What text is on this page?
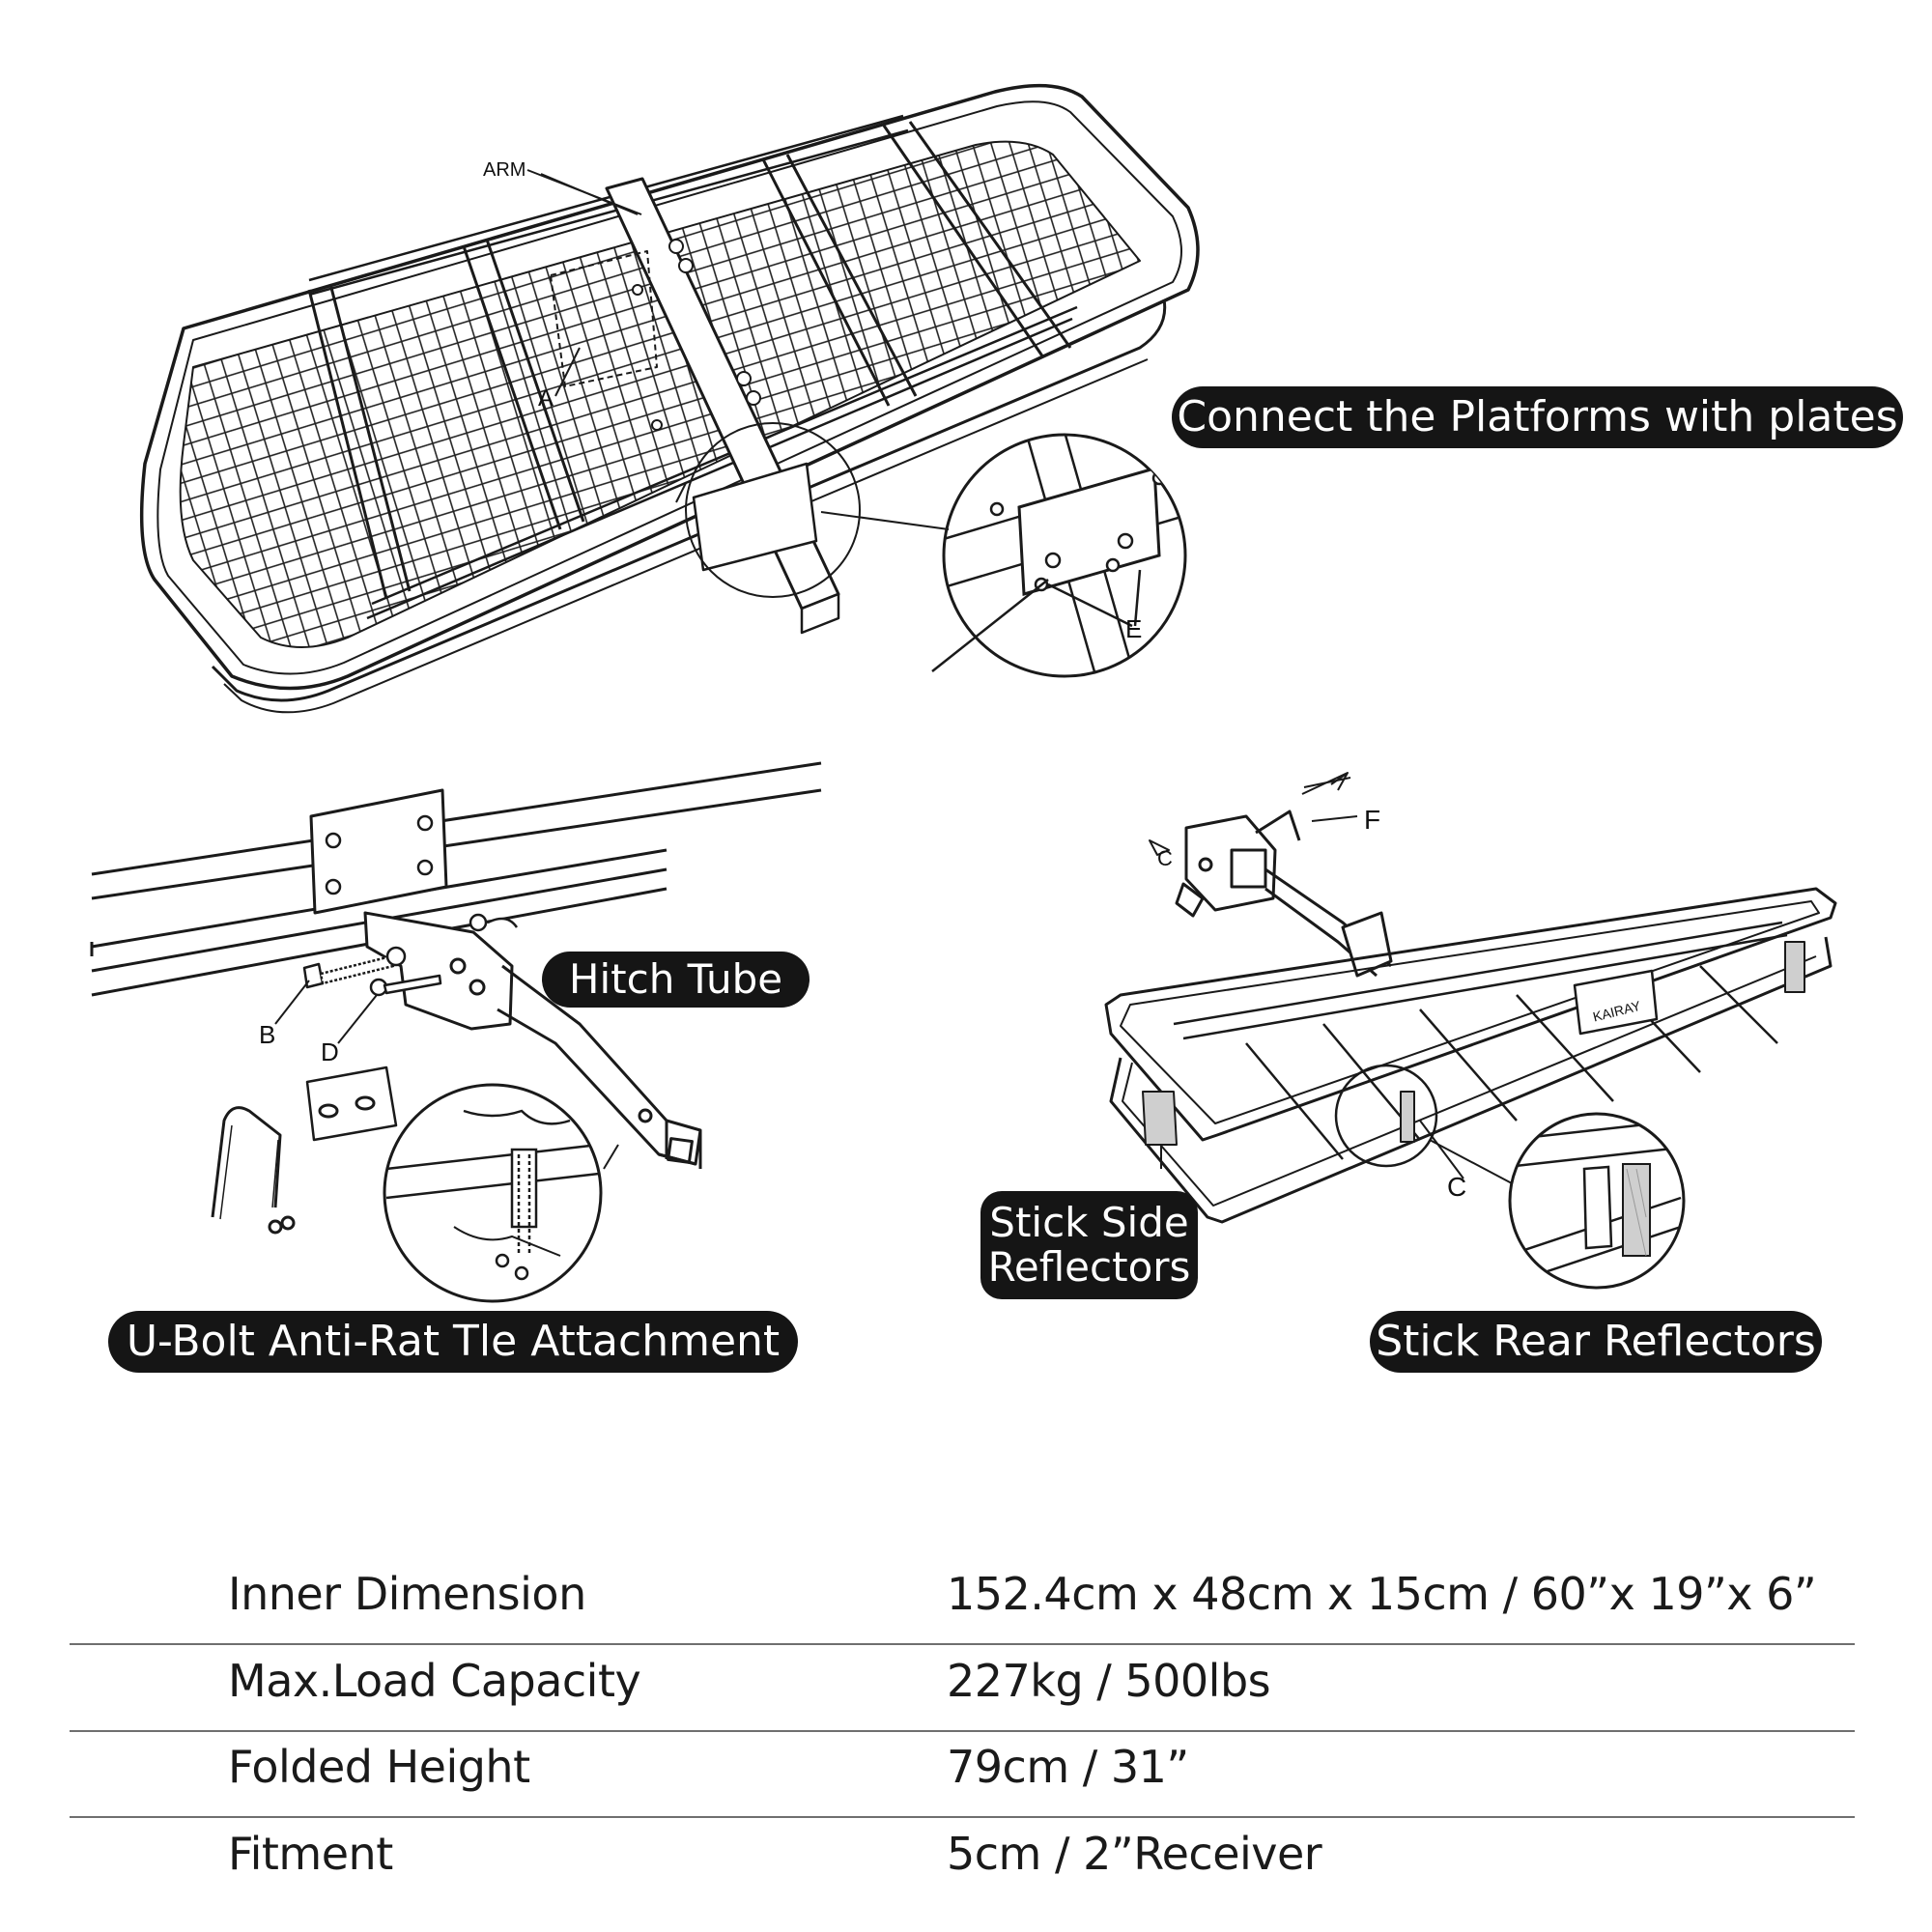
KAIRAY
ARM
A
E
B
D
F
C
C
Connect the Platforms with plates
Hitch Tube
U-Bolt Anti-Rat Tle Attachment
Stick Side
Reflectors
Stick Rear Reflectors
Inner Dimension	152.4cm x 48cm x 15cm / 60”x 19”x 6”
Max.Load Capacity	227kg / 500lbs
Folded Height	79cm / 31”
Fitment	5cm / 2”Receiver
